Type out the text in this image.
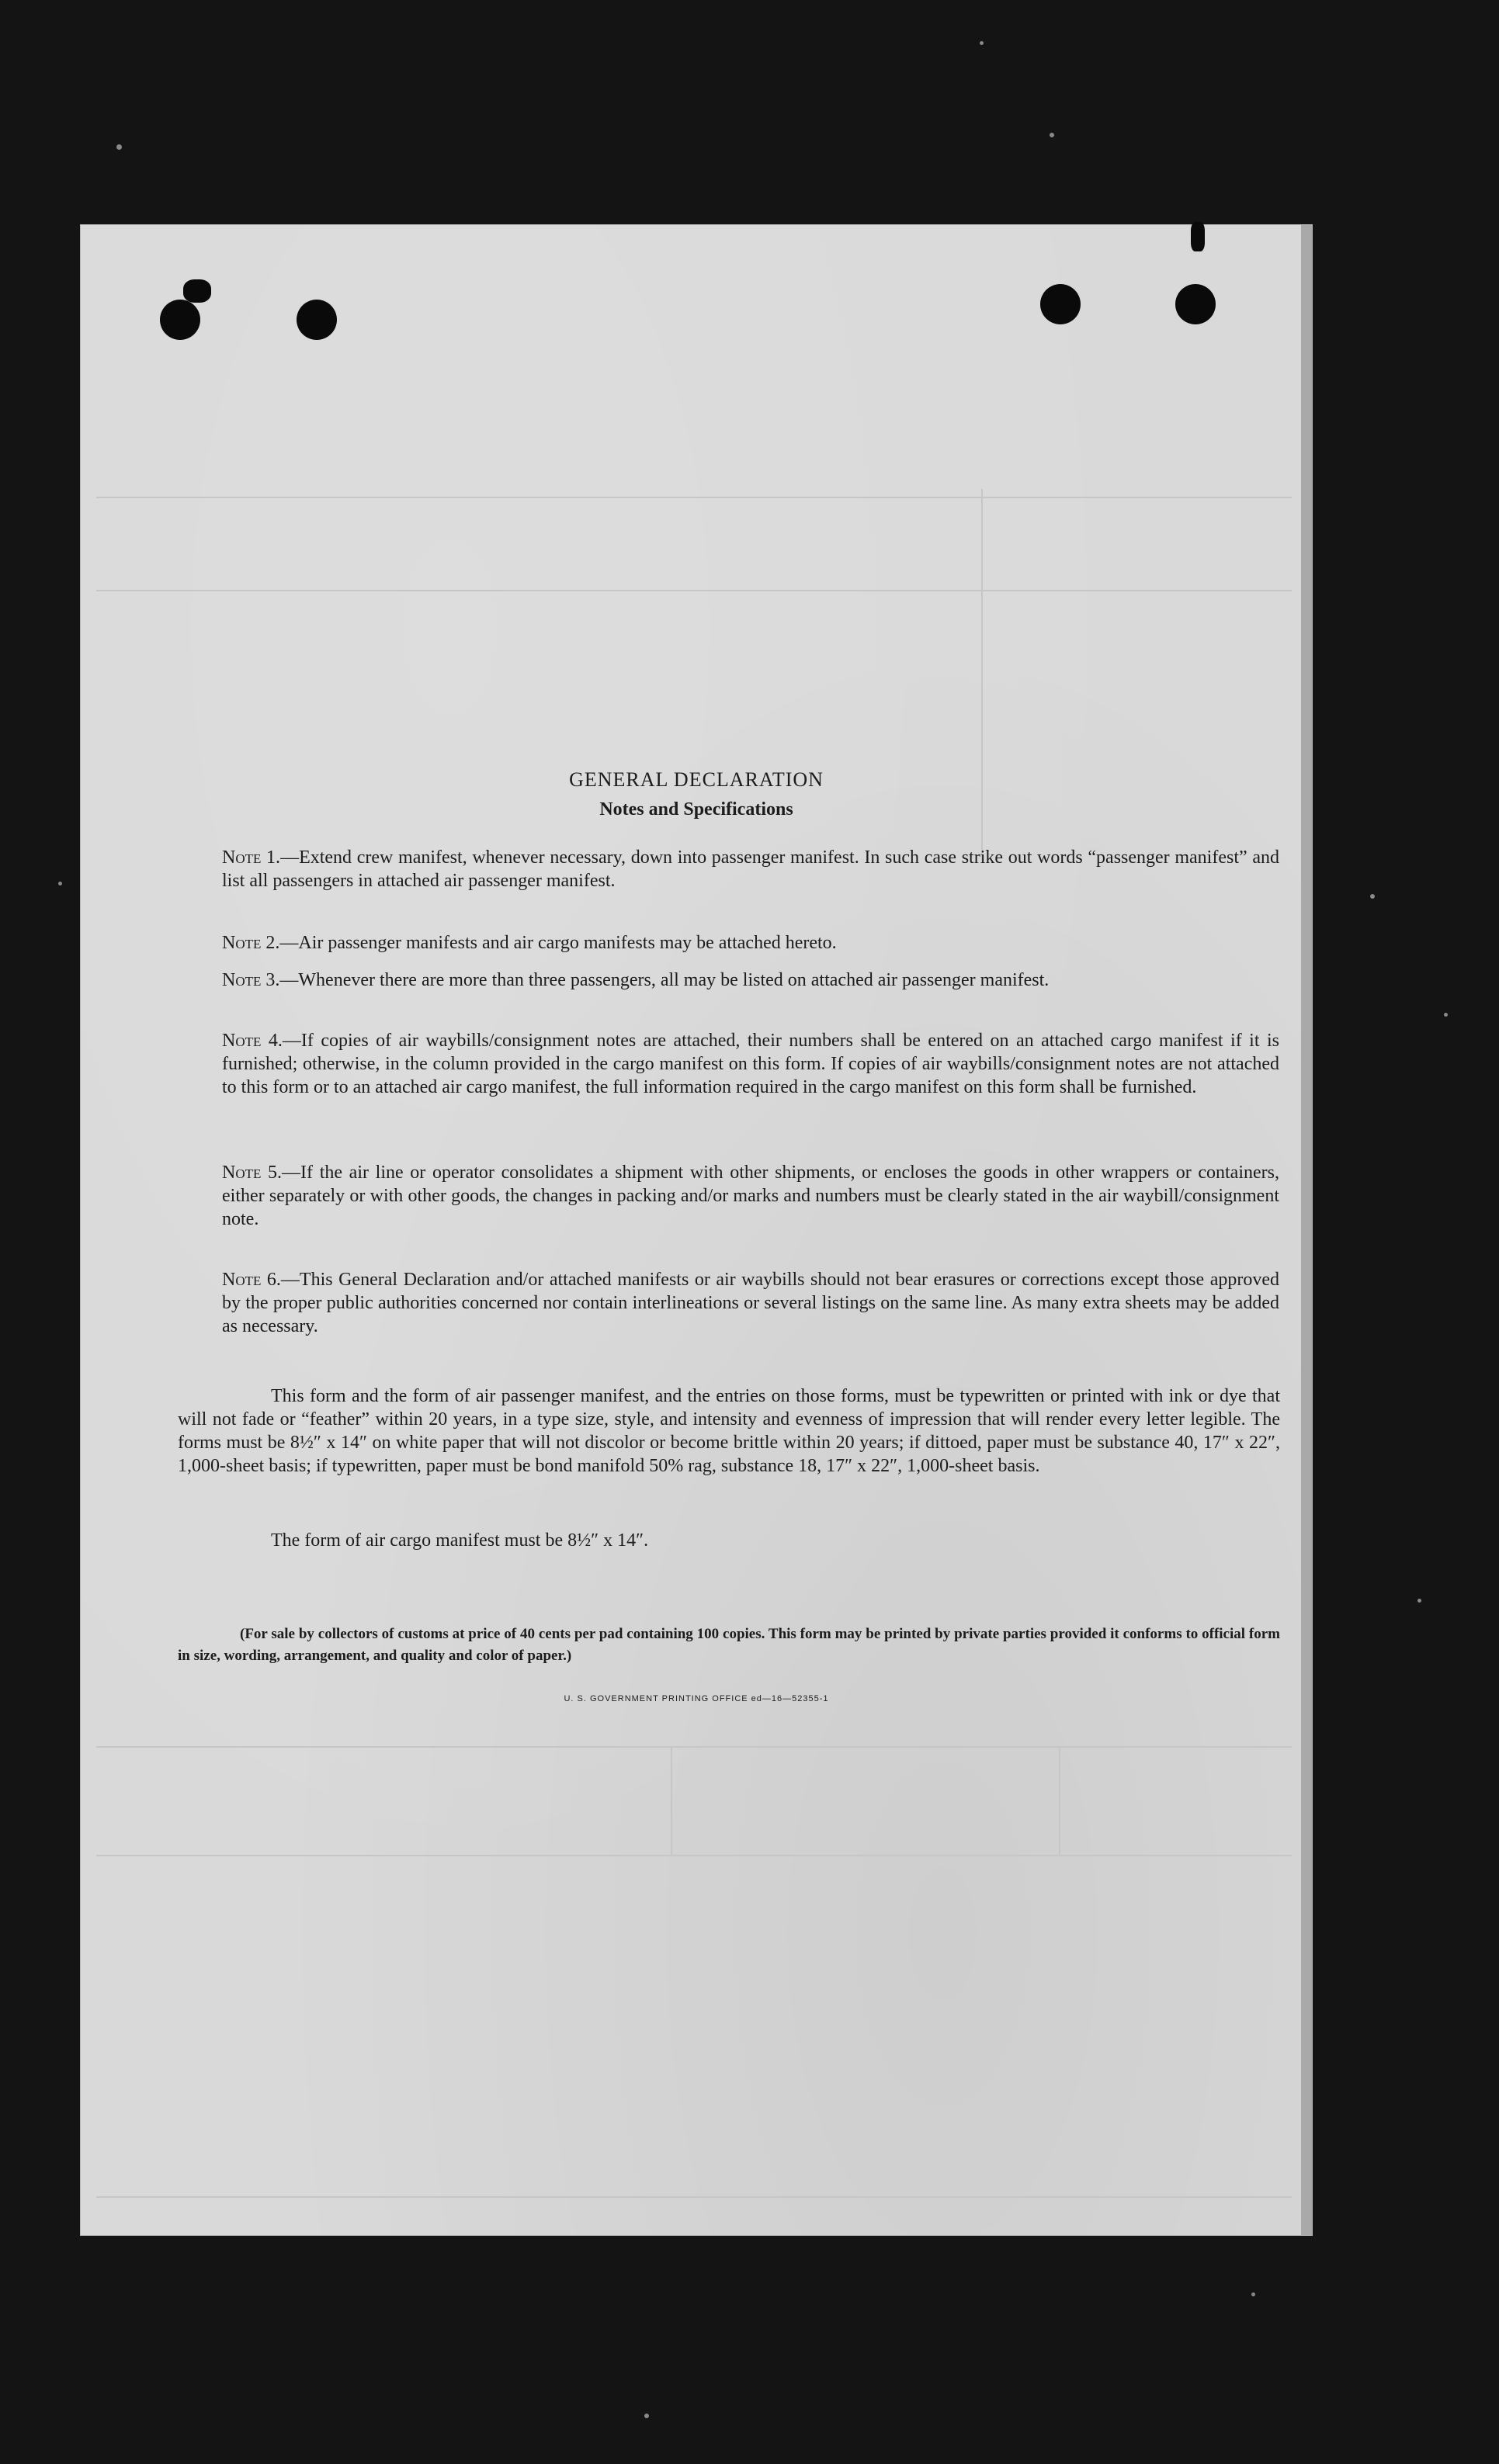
GENERAL DECLARATION
Notes and Specifications
Note 1.—Extend crew manifest, whenever necessary, down into passenger manifest. In such case strike out words “passenger manifest” and list all passengers in attached air passenger manifest.
Note 2.—Air passenger manifests and air cargo manifests may be attached hereto.
Note 3.—Whenever there are more than three passengers, all may be listed on attached air passenger manifest.
Note 4.—If copies of air waybills/consignment notes are attached, their numbers shall be entered on an attached cargo manifest if it is furnished; otherwise, in the column provided in the cargo manifest on this form. If copies of air waybills/consignment notes are not attached to this form or to an attached air cargo manifest, the full information required in the cargo manifest on this form shall be furnished.
Note 5.—If the air line or operator consolidates a shipment with other shipments, or encloses the goods in other wrappers or containers, either separately or with other goods, the changes in packing and/or marks and numbers must be clearly stated in the air waybill/consignment note.
Note 6.—This General Declaration and/or attached manifests or air waybills should not bear erasures or corrections except those approved by the proper public authorities concerned nor contain interlineations or several listings on the same line. As many extra sheets may be added as necessary.

This form and the form of air passenger manifest, and the entries on those forms, must be typewritten or printed with ink or dye that will not fade or “feather” within 20 years, in a type size, style, and intensity and evenness of impression that will render every letter legible. The forms must be 8½″ x 14″ on white paper that will not discolor or become brittle within 20 years; if dittoed, paper must be substance 40, 17″ x 22″, 1,000-sheet basis; if typewritten, paper must be bond manifold 50% rag, substance 18, 17″ x 22″, 1,000-sheet basis.

The form of air cargo manifest must be 8½″ x 14″.

(For sale by collectors of customs at price of 40 cents per pad containing 100 copies. This form may be printed by private parties provided it conforms to official form in size, wording, arrangement, and quality and color of paper.)

U. S. GOVERNMENT PRINTING OFFICE ed—16—52355-1
